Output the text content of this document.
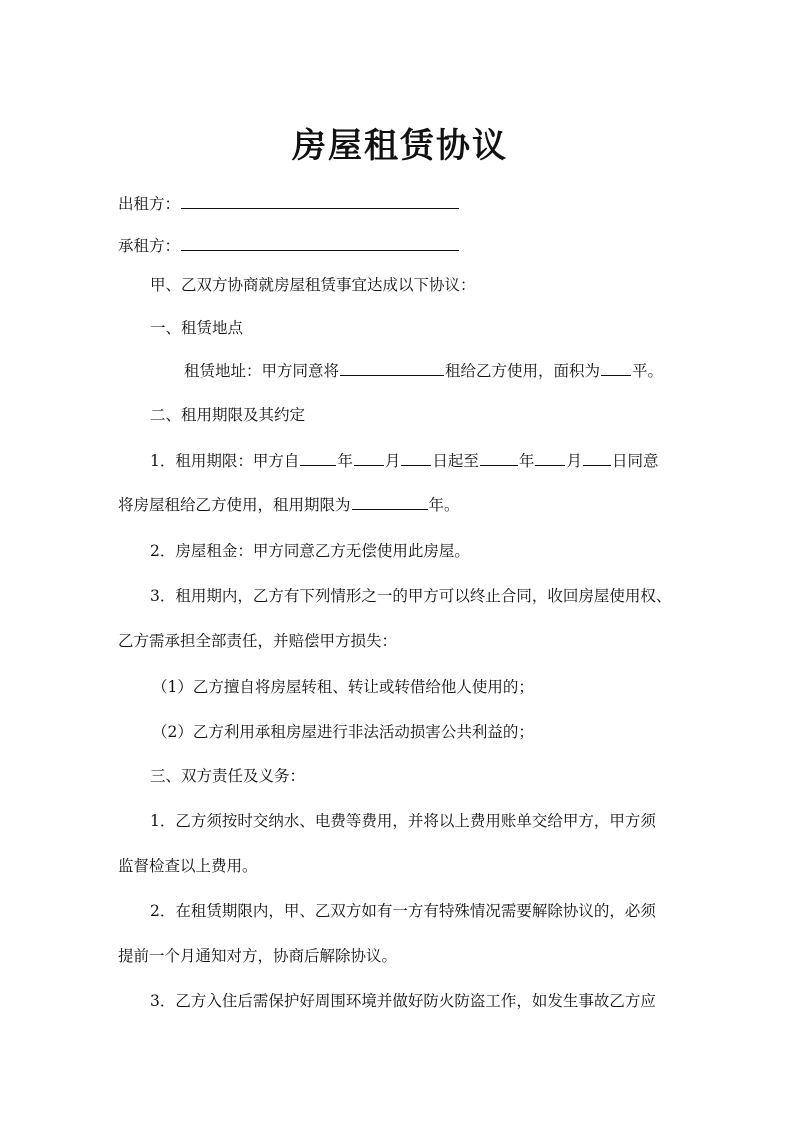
房屋租赁协议
出租方：
承租方：
甲、乙双方协商就房屋租赁事宜达成以下协议：
一、租赁地点
租赁地址：甲方同意将	租给乙方使用，面积为 平。
二、租用期限及其约定
1．租用期限：甲方自 年 月 日起至	年 月 日同意
将房屋租给乙方使用，租用期限为	年。
2．房屋租金：甲方同意乙方无偿使用此房屋。
3．租用期内，乙方有下列情形之一的甲方可以终止合同，收回房屋使用权、
乙方需承担全部责任，并赔偿甲方损失：
（1）乙方擅自将房屋转租、转让或转借给他人使用的；
（2）乙方利用承租房屋进行非法活动损害公共利益的；
三、双方责任及义务：
1．乙方须按时交纳水、电费等费用，并将以上费用账单交给甲方，甲方须
监督检查以上费用。
2．在租赁期限内，甲、乙双方如有一方有特殊情况需要解除协议的，必须
提前一个月通知对方，协商后解除协议。
3．乙方入住后需保护好周围环境并做好防火防盗工作，如发生事故乙方应
